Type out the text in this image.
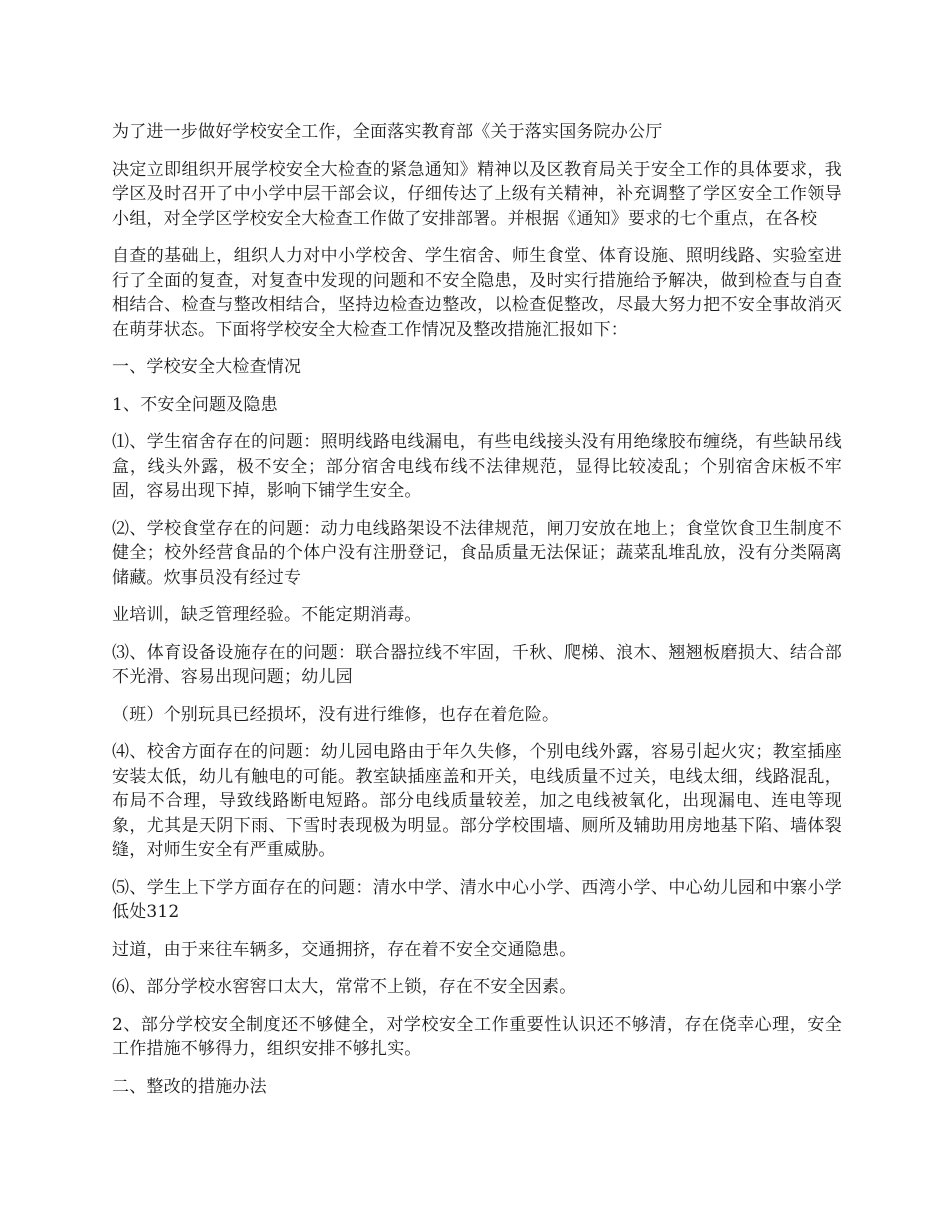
为了进一步做好学校安全工作，全面落实教育部《关于落实国务院办公厅

决定立即组织开展学校安全大检查的紧急通知》精神以及区教育局关于安全工作的具体要求，我学区及时召开了中小学中层干部会议，仔细传达了上级有关精神，补充调整了学区安全工作领导小组，对全学区学校安全大检查工作做了安排部署。并根据《通知》要求的七个重点，在各校

自查的基础上，组织人力对中小学校舍、学生宿舍、师生食堂、体育设施、照明线路、实验室进行了全面的复查，对复查中发现的问题和不安全隐患，及时实行措施给予解决，做到检查与自查相结合、检查与整改相结合，坚持边检查边整改，以检查促整改，尽最大努力把不安全事故消灭在萌芽状态。下面将学校安全大检查工作情况及整改措施汇报如下：

一、学校安全大检查情况

1、不安全问题及隐患

⑴、学生宿舍存在的问题：照明线路电线漏电，有些电线接头没有用绝缘胶布缠绕，有些缺吊线盒，线头外露，极不安全；部分宿舍电线布线不法律规范，显得比较凌乱；个别宿舍床板不牢固，容易出现下掉，影响下铺学生安全。

⑵、学校食堂存在的问题：动力电线路架设不法律规范，闸刀安放在地上；食堂饮食卫生制度不健全；校外经营食品的个体户没有注册登记，食品质量无法保证；蔬菜乱堆乱放，没有分类隔离储藏。炊事员没有经过专

业培训，缺乏管理经验。不能定期消毒。

⑶、体育设备设施存在的问题：联合器拉线不牢固，千秋、爬梯、浪木、翘翘板磨损大、结合部不光滑、容易出现问题；幼儿园

（班）个别玩具已经损坏，没有进行维修，也存在着危险。

⑷、校舍方面存在的问题：幼儿园电路由于年久失修，个别电线外露，容易引起火灾；教室插座安装太低，幼儿有触电的可能。教室缺插座盖和开关，电线质量不过关，电线太细，线路混乱，布局不合理，导致线路断电短路。部分电线质量较差，加之电线被氧化，出现漏电、连电等现象，尤其是天阴下雨、下雪时表现极为明显。部分学校围墙、厕所及辅助用房地基下陷、墙体裂缝，对师生安全有严重威胁。

⑸、学生上下学方面存在的问题：清水中学、清水中心小学、西湾小学、中心幼儿园和中寨小学低处312

过道，由于来往车辆多，交通拥挤，存在着不安全交通隐患。

⑹、部分学校水窖窖口太大，常常不上锁，存在不安全因素。

2、部分学校安全制度还不够健全，对学校安全工作重要性认识还不够清，存在侥幸心理，安全工作措施不够得力，组织安排不够扎实。

二、整改的措施办法
